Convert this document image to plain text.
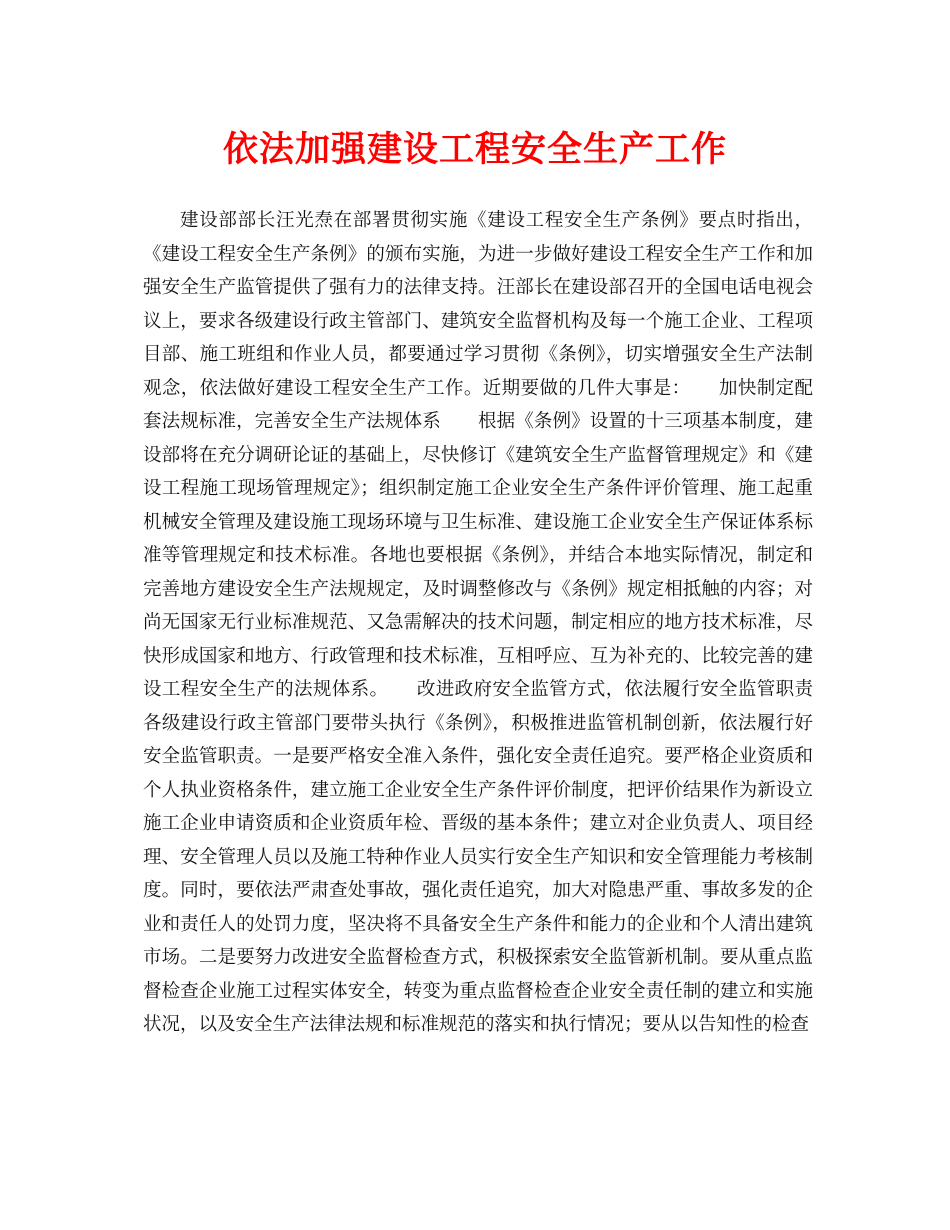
依法加强建设工程安全生产工作

建设部部长汪光焘在部署贯彻实施《建设工程安全生产条例》要点时指出，《建设工程安全生产条例》的颁布实施，为进一步做好建设工程安全生产工作和加强安全生产监管提供了强有力的法律支持。汪部长在建设部召开的全国电话电视会议上，要求各级建设行政主管部门、建筑安全监督机构及每一个施工企业、工程项目部、施工班组和作业人员，都要通过学习贯彻《条例》，切实增强安全生产法制观念，依法做好建设工程安全生产工作。近期要做的几件大事是：　　加快制定配套法规标准，完善安全生产法规体系　　根据《条例》设置的十三项基本制度，建设部将在充分调研论证的基础上，尽快修订《建筑安全生产监督管理规定》和《建设工程施工现场管理规定》；组织制定施工企业安全生产条件评价管理、施工起重机械安全管理及建设施工现场环境与卫生标准、建设施工企业安全生产保证体系标准等管理规定和技术标准。各地也要根据《条例》，并结合本地实际情况，制定和完善地方建设安全生产法规规定，及时调整修改与《条例》规定相抵触的内容；对尚无国家无行业标准规范、又急需解决的技术问题，制定相应的地方技术标准，尽快形成国家和地方、行政管理和技术标准，互相呼应、互为补充的、比较完善的建设工程安全生产的法规体系。　　改进政府安全监管方式，依法履行安全监管职责　　各级建设行政主管部门要带头执行《条例》，积极推进监管机制创新，依法履行好安全监管职责。一是要严格安全准入条件，强化安全责任追究。要严格企业资质和个人执业资格条件，建立施工企业安全生产条件评价制度，把评价结果作为新设立施工企业申请资质和企业资质年检、晋级的基本条件；建立对企业负责人、项目经理、安全管理人员以及施工特种作业人员实行安全生产知识和安全管理能力考核制度。同时，要依法严肃查处事故，强化责任追究，加大对隐患严重、事故多发的企业和责任人的处罚力度，坚决将不具备安全生产条件和能力的企业和个人清出建筑市场。二是要努力改进安全监督检查方式，积极探索安全监管新机制。要从重点监督检查企业施工过程实体安全，转变为重点监督检查企业安全责任制的建立和实施状况，以及安全生产法律法规和标准规范的落实和执行情况；要从以告知性的检查
